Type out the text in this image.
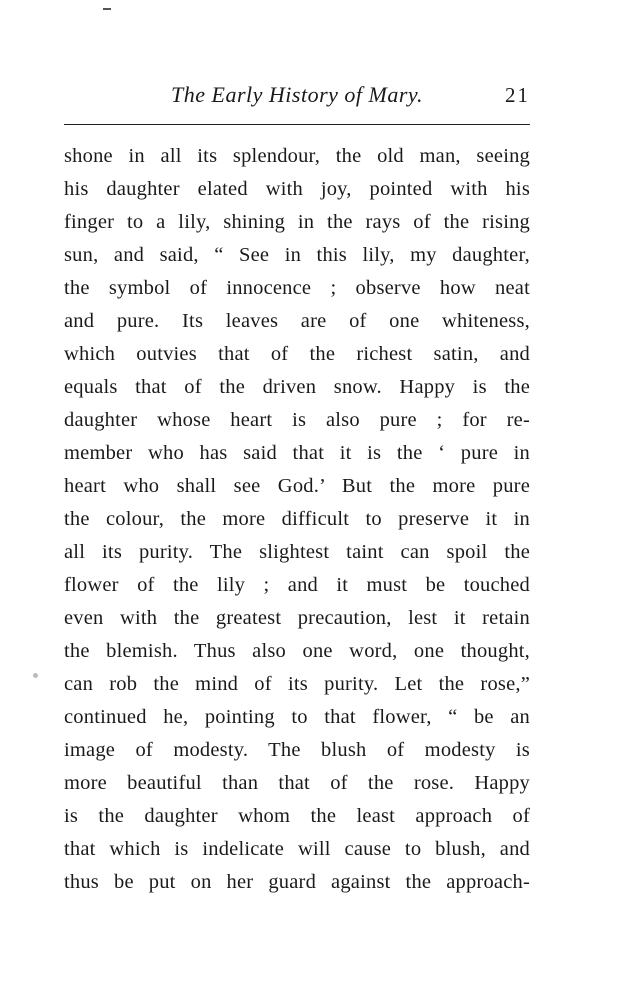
The Early History of Mary.	21
shone in all its splendour, the old man, seeing
his daughter elated with joy, pointed with his
finger to a lily, shining in the rays of the rising
sun, and said, “ See in this lily, my daughter,
the symbol of innocence ; observe how neat
and pure. Its leaves are of one whiteness,
which outvies that of the richest satin, and
equals that of the driven snow. Happy is the
daughter whose heart is also pure ; for re-
member who has said that it is the ‘ pure in
heart who shall see God.’ But the more pure
the colour, the more difficult to preserve it in
all its purity. The slightest taint can spoil the
flower of the lily ; and it must be touched
even with the greatest precaution, lest it retain
the blemish. Thus also one word, one thought,
can rob the mind of its purity. Let the rose,”
continued he, pointing to that flower, “ be an
image of modesty. The blush of modesty is
more beautiful than that of the rose. Happy
is the daughter whom the least approach of
that which is indelicate will cause to blush, and
thus be put on her guard against the approach-
